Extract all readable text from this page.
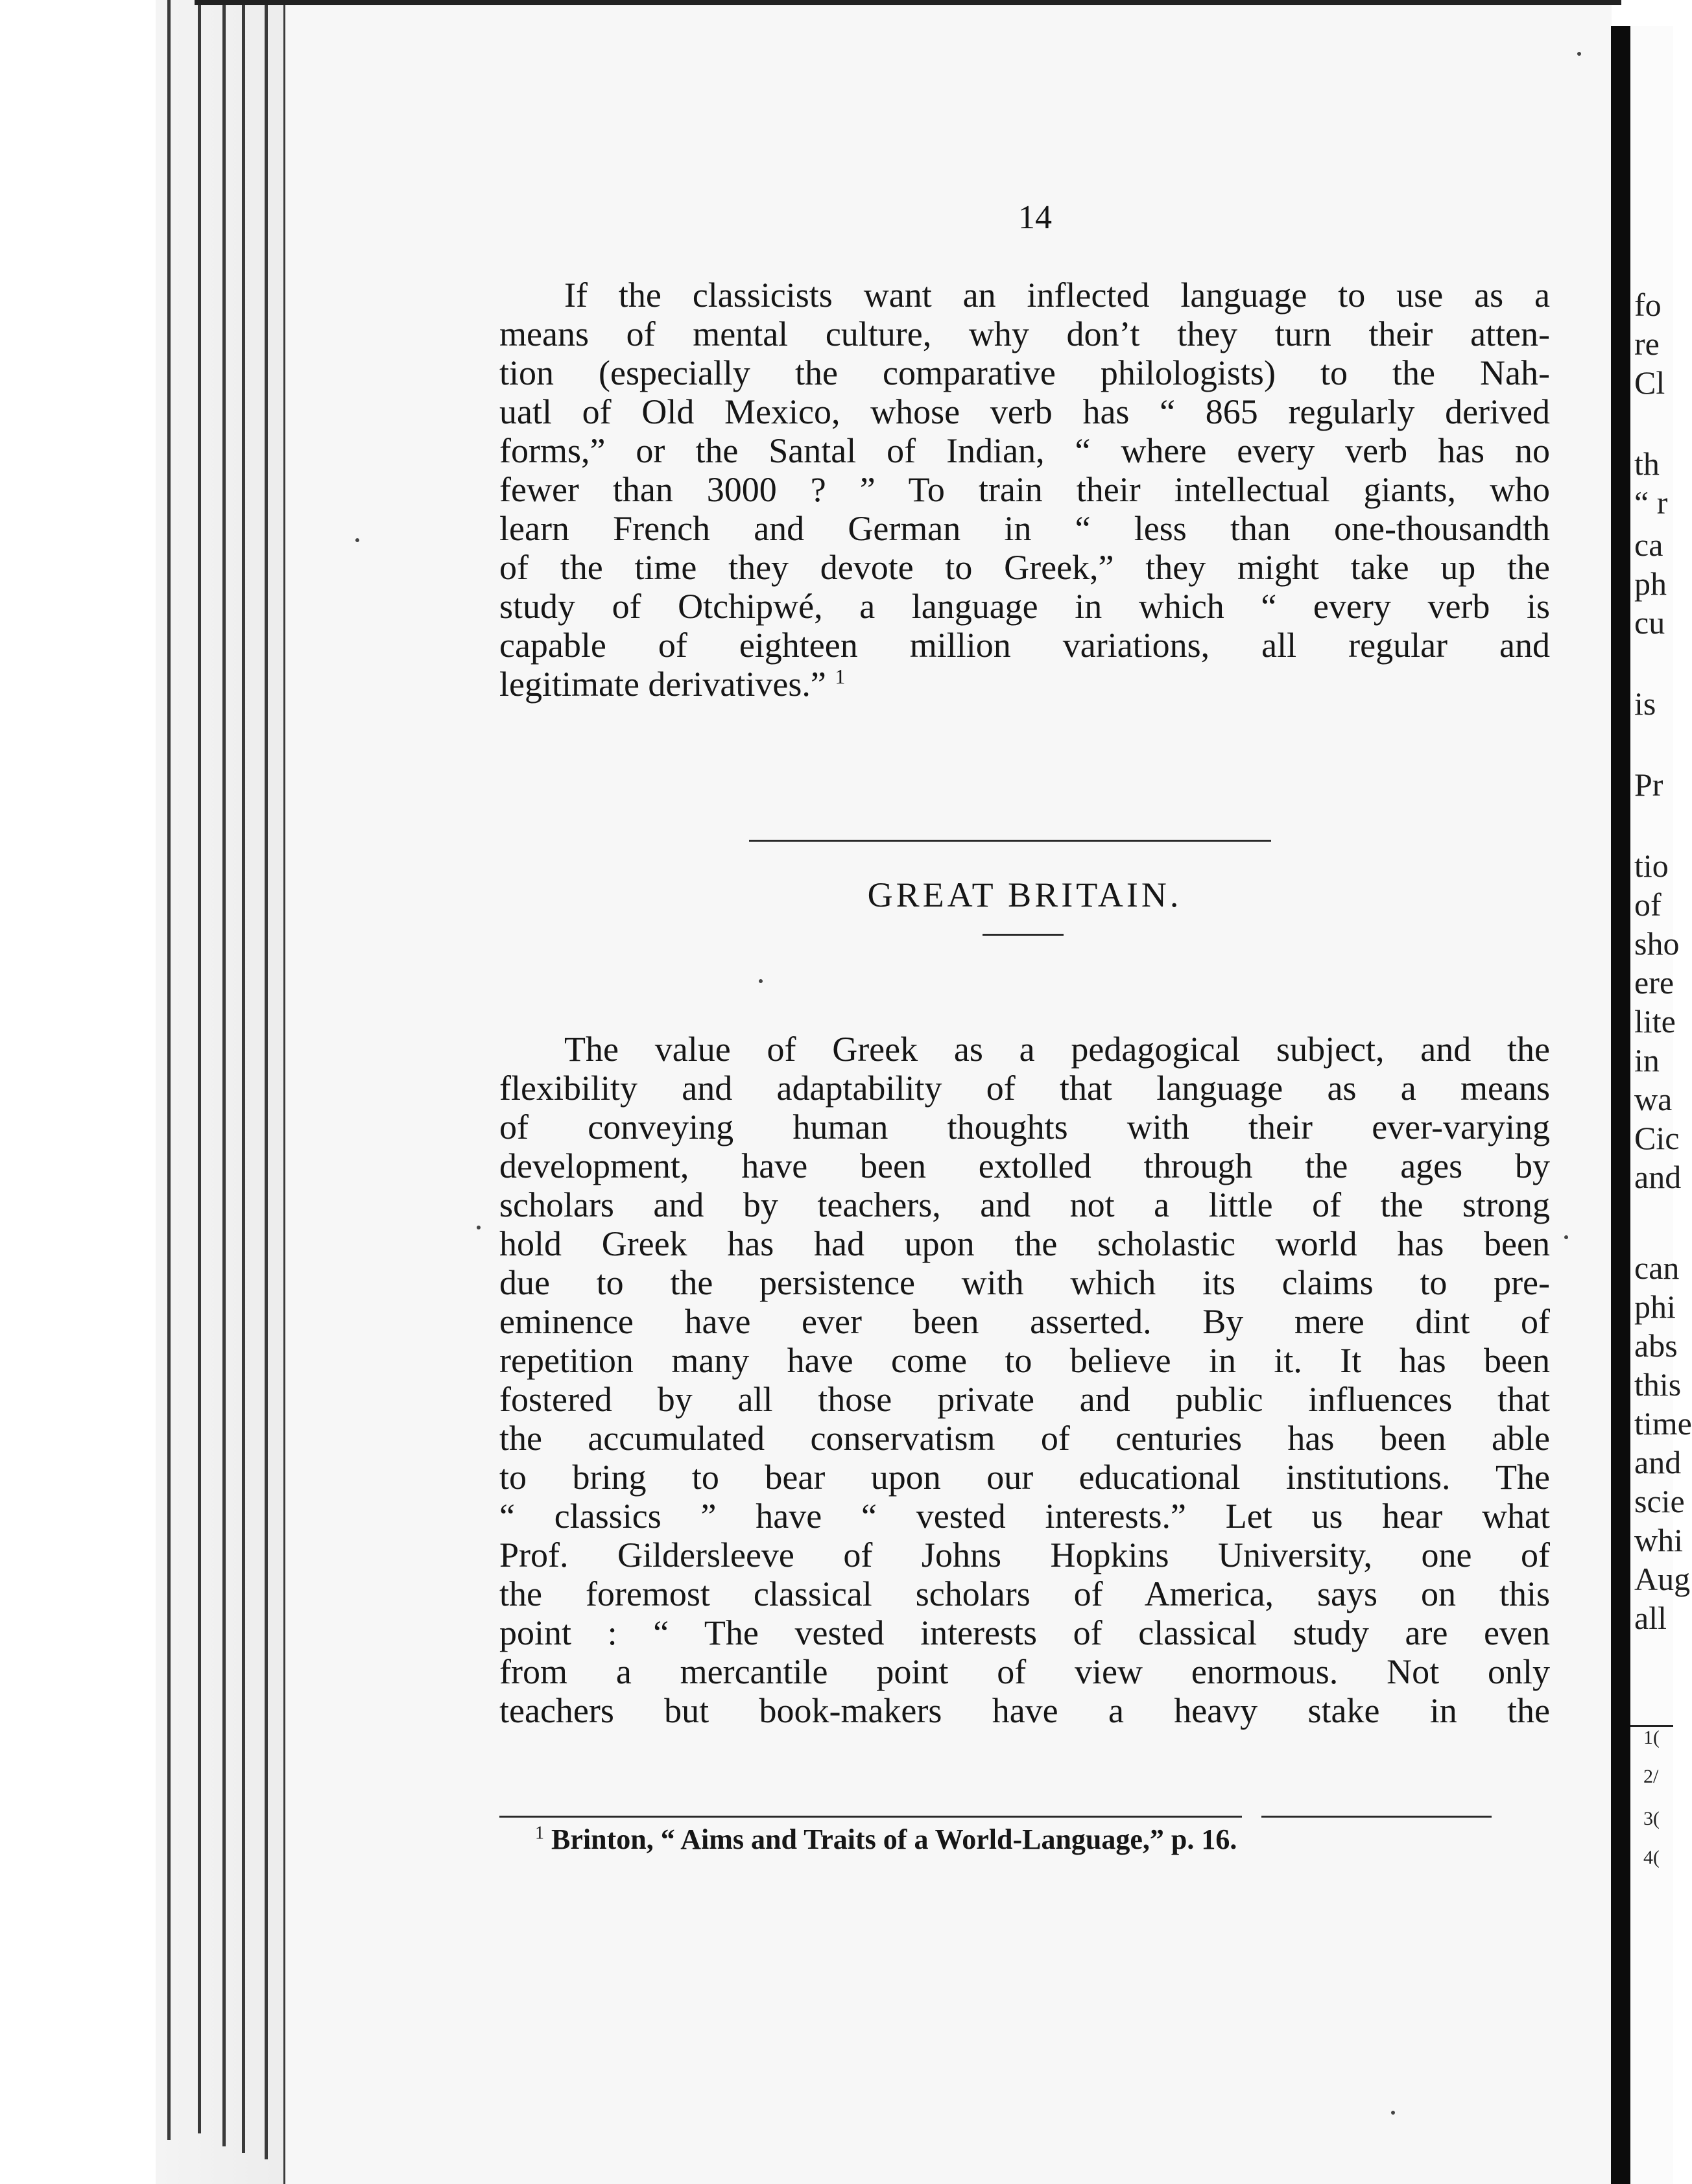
fo
re
Cl
th
“ r
ca
ph
cu
is
Pr
tio
of
sho
ere
lite
in
wa
Cic
and
can
phi
abs
this
time
and
scie
whi
Aug
all
1(
2/
3(
4(
14
If the classicists want an inflected language to use as a
means of mental culture, why don’t they turn their atten-
tion (especially the comparative philologists) to the Nah-
uatl of Old Mexico, whose verb has “ 865 regularly derived
forms,” or the Santal of Indian, “ where every verb has no
fewer than 3000 ? ” To train their intellectual giants, who
learn French and German in “ less than one-thousandth
of the time they devote to Greek,” they might take up the
study of Otchipwé, a language in which “ every verb is
capable of eighteen million variations, all regular and
legitimate derivatives.” $^1$
GREAT BRITAIN.
The value of Greek as a pedagogical subject, and the
flexibility and adaptability of that language as a means
of conveying human thoughts with their ever-varying
development, have been extolled through the ages by
scholars and by teachers, and not a little of the strong
hold Greek has had upon the scholastic world has been
due to the persistence with which its claims to pre-
eminence have ever been asserted. By mere dint of
repetition many have come to believe in it. It has been
fostered by all those private and public influences that
the accumulated conservatism of centuries has been able
to bring to bear upon our educational institutions. The
“ classics ” have “ vested interests.” Let us hear what
Prof. Gildersleeve of Johns Hopkins University, one of
the foremost classical scholars of America, says on this
point : “ The vested interests of classical study are even
from a mercantile point of view enormous. Not only
teachers but book-makers have a heavy stake in the
$^1$ Brinton, “ Aims and Traits of a World-Language,” p. 16.
